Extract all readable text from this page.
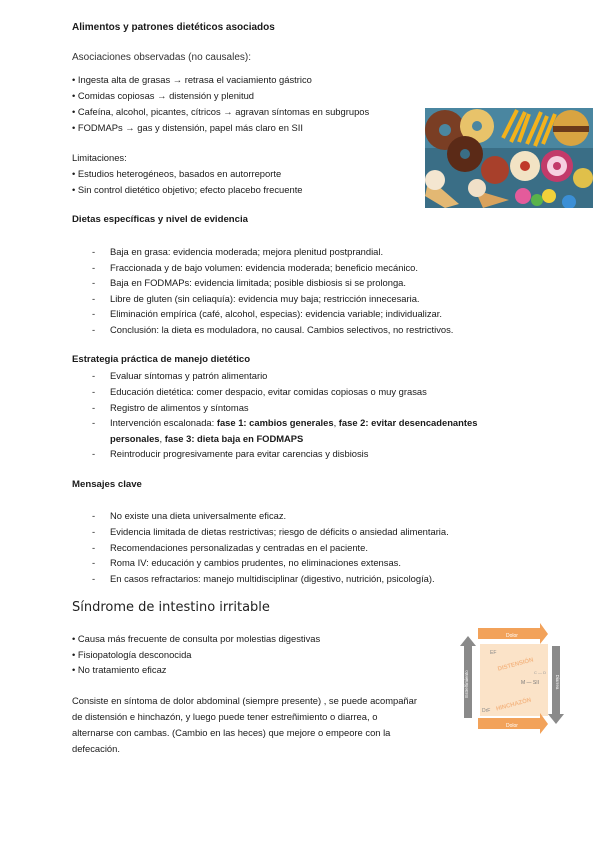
Alimentos y patrones dietéticos asociados
Asociaciones observadas (no causales):
• Ingesta alta de grasas → retrasa el vaciamiento gástrico
• Comidas copiosas → distensión y plenitud
• Cafeína, alcohol, picantes, cítricos → agravan síntomas en subgrupos
• FODMAPs → gas y distensión, papel más claro en SII
Limitaciones:
• Estudios heterogéneos, basados en autorreporte
• Sin control dietético objetivo; efecto placebo frecuente
Dietas específicas y nivel de evidencia
- Baja en grasa: evidencia moderada; mejora plenitud postprandial.
- Fraccionada y de bajo volumen: evidencia moderada; beneficio mecánico.
- Baja en FODMAPs: evidencia limitada; posible disbiosis si se prolonga.
- Libre de gluten (sin celiaquía): evidencia muy baja; restricción innecesaria.
- Eliminación empírica (café, alcohol, especias): evidencia variable; individualizar.
- Conclusión: la dieta es moduladora, no causal. Cambios selectivos, no restrictivos.
Estrategia práctica de manejo dietético
- Evaluar síntomas y patrón alimentario
- Educación dietética: comer despacio, evitar comidas copiosas o muy grasas
- Registro de alimentos y síntomas
- Intervención escalonada: fase 1: cambios generales, fase 2: evitar desencadenantes
personales, fase 3: dieta baja en FODMAPS
- Reintroducir progresivamente para evitar carencias y disbiosis
Mensajes clave
- No existe una dieta universalmente eficaz.
- Evidencia limitada de dietas restrictivas; riesgo de déficits o ansiedad alimentaria.
- Recomendaciones personalizadas y centradas en el paciente.
- Roma IV: educación y cambios prudentes, no eliminaciones extensas.
- En casos refractarios: manejo multidisciplinar (digestivo, nutrición, psicología).
Síndrome de intestino irritable
• Causa más frecuente de consulta por molestias digestivas
• Fisiopatología desconocida
• No tratamiento eficaz
Consiste en síntoma de dolor abdominal (siempre presente) , se puede acompañar
de distensión e hinchazón, y luego puede tener estreñimiento o diarrea, o
alternarse con cambas. (Cambio en las heces) que mejore o empeore con la
defecación.
Dolor
Estreñimiento	Diarrea
EF
DrF
DISTENSIÓN
HINCHAZÓN
M — SII
C — D
Dolor
